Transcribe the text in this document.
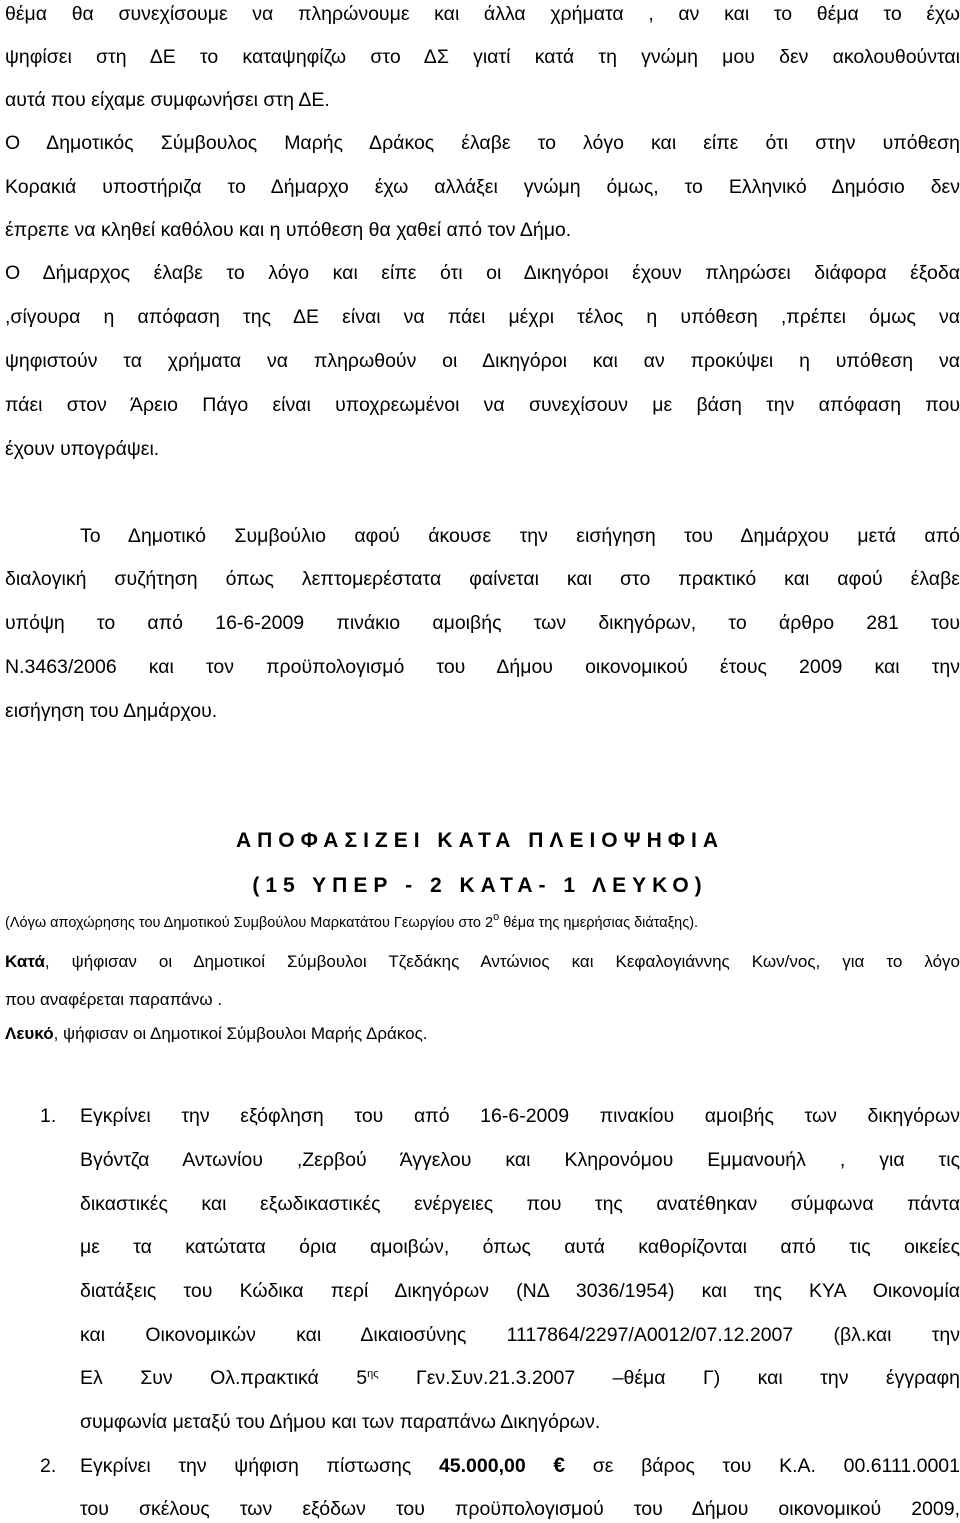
θέμα θα συνεχίσουμε να πληρώνουμε και άλλα χρήματα , αν και το θέμα το έχω
ψηφίσει στη ΔΕ το καταψηφίζω στο ΔΣ γιατί κατά τη γνώμη μου δεν ακολουθούνται
αυτά που είχαμε συμφωνήσει στη ΔΕ.
Ο Δημοτικός Σύμβουλος Μαρής Δράκος έλαβε το λόγο και είπε ότι στην υπόθεση
Κορακιά υποστήριζα το Δήμαρχο έχω αλλάξει γνώμη όμως, το Ελληνικό Δημόσιο δεν
έπρεπε να κληθεί καθόλου και η υπόθεση θα χαθεί από τον Δήμο.
Ο Δήμαρχος έλαβε το λόγο και είπε ότι οι Δικηγόροι έχουν πληρώσει διάφορα έξοδα
,σίγουρα η απόφαση της ΔΕ είναι να πάει μέχρι τέλος η υπόθεση ,πρέπει όμως να
ψηφιστούν τα χρήματα να πληρωθούν οι Δικηγόροι και αν προκύψει η υπόθεση να
πάει στον Άρειο Πάγο είναι υποχρεωμένοι να συνεχίσουν με βάση την απόφαση που
έχουν υπογράψει.
Το Δημοτικό Συμβούλιο αφού άκουσε την εισήγηση του Δημάρχου μετά από
διαλογική συζήτηση όπως λεπτομερέστατα φαίνεται και στο πρακτικό και αφού έλαβε
υπόψη το από 16-6-2009 πινάκιο αμοιβής των δικηγόρων, το άρθρο 281 του
Ν.3463/2006 και τον προϋπολογισμό του Δήμου οικονομικού έτους 2009 και την
εισήγηση του Δημάρχου.
ΑΠΟΦΑΣΙΖΕΙ ΚΑΤΑ ΠΛΕΙΟΨΗΦΙΑ
(15 ΥΠΕΡ - 2 ΚΑΤΑ- 1 ΛΕΥΚΟ)
(Λόγω αποχώρησης του Δημοτικού Συμβούλου Μαρκατάτου Γεωργίου στο $2^o$ θέμα της ημερήσιας διάταξης).
Κατά, ψήφισαν οι Δημοτικοί Σύμβουλοι Τζεδάκης Αντώνιος και Κεφαλογιάννης Κων/νος, για το λόγο
που αναφέρεται παραπάνω .
Λευκό, ψήφισαν οι Δημοτικοί Σύμβουλοι Μαρής Δράκος.
1. Εγκρίνει την εξόφληση του από 16-6-2009 πινακίου αμοιβής των δικηγόρων
Βγόντζα Αντωνίου ,Ζερβού Άγγελου και Κληρονόμου Εμμανουήλ , για τις
δικαστικές και εξωδικαστικές ενέργειες που της ανατέθηκαν σύμφωνα πάντα
με τα κατώτατα όρια αμοιβών, όπως αυτά καθορίζονται από τις οικείες
διατάξεις του Κώδικα περί Δικηγόρων (ΝΔ 3036/1954) και της ΚΥΑ Οικονομία
και Οικονομικών και Δικαιοσύνης 1117864/2297/Α0012/07.12.2007 (βλ.και την
Ελ Συν Ολ.πρακτικά $5^{\eta\varsigma}$ Γεν.Συν.21.3.2007 –θέμα Γ) και την έγγραφη
συμφωνία μεταξύ του Δήμου και των παραπάνω Δικηγόρων.
2. Εγκρίνει την ψήφιση πίστωσης 45.000,00 € σε βάρος του Κ.Α. 00.6111.0001
του σκέλους των εξόδων του προϋπολογισμού του Δήμου οικονομικού 2009,
